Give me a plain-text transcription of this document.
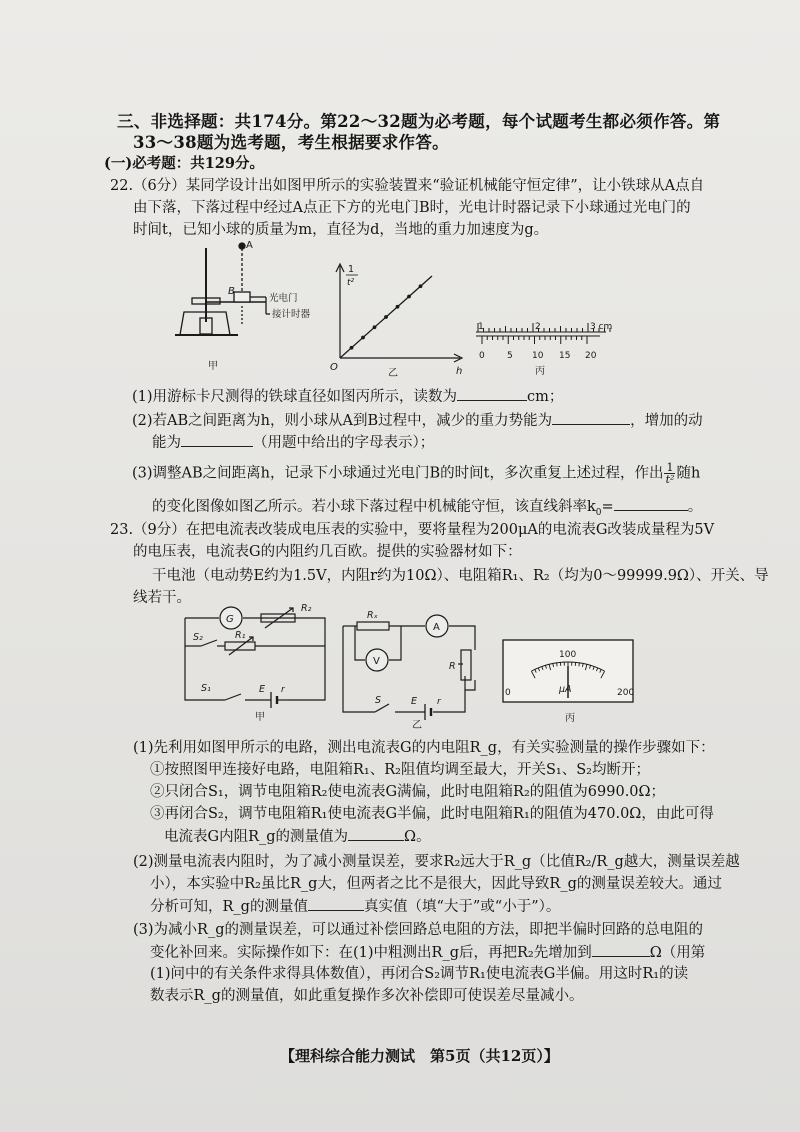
三、非选择题：共174分。第22～32题为必考题，每个试题考生都必须作答。第
33～38题为选考题，考生根据要求作答。
(一)必考题：共129分。
22.（6分）某同学设计出如图甲所示的实验装置来“验证机械能守恒定律”，让小铁球从A点自
由下落，下落过程中经过A点正下方的光电门B时，光电计时器记录下小球通过光电门的
时间t，已知小球的质量为m，直径为d，当地的重力加速度为g。
A
B
光电门
接计时器
甲
1
t²
O	h
乙
1	2	3 cm
0 5 10 15 20
丙
(1)用游标卡尺测得的铁球直径如图丙所示，读数为	cm；
(2)若AB之间距离为h，则小球从A到B过程中，减少的重力势能为	，增加的动
能为	（用题中给出的字母表示）；
(3)调整AB之间距离h，记录下小球通过光电门B的时间t，多次重复上述过程，作出 $\frac{1}{\text{t²}}$ 随h
的变化图像如图乙所示。若小球下落过程中机械能守恒，该直线斜率$k_0=$	。
23.（9分）在把电流表改装成电压表的实验中，要将量程为200μA的电流表G改装成量程为5V
的电压表，电流表G的内阻约几百欧。提供的实验器材如下：
干电池（电动势E约为1.5V，内阻r约为10Ω）、电阻箱R₁、R₂（均为0～99999.9Ω）、开关、导
线若干。
G
R₂
R₁
S₂
S₁	E r
甲
Rₓ
A
V	R
S	E r
乙
0
100
200
μA
丙
(1)先利用如图甲所示的电路，测出电流表G的内电阻R_g，有关实验测量的操作步骤如下：
①按照图甲连接好电路，电阻箱R₁、R₂阻值均调至最大，开关S₁、S₂均断开；
②只闭合S₁，调节电阻箱R₂使电流表G满偏，此时电阻箱R₂的阻值为6990.0Ω；
③再闭合S₂，调节电阻箱R₁使电流表G半偏，此时电阻箱R₁的阻值为470.0Ω，由此可得
电流表G内阻R_g的测量值为	Ω。
(2)测量电流表内阻时，为了减小测量误差，要求R₂远大于R_g（比值R₂/R_g越大，测量误差越
小），本实验中R₂虽比R_g大，但两者之比不是很大，因此导致R_g的测量误差较大。通过
分析可知，R_g的测量值	真实值（填“大于”或“小于”）。
(3)为减小R_g的测量误差，可以通过补偿回路总电阻的方法，即把半偏时回路的总电阻的
变化补回来。实际操作如下：在(1)中粗测出R_g后，再把R₂先增加到	Ω（用第
(1)问中的有关条件求得具体数值），再闭合S₂调节R₁使电流表G半偏。用这时R₁的读
数表示R_g的测量值，如此重复操作多次补偿即可使误差尽量减小。
【理科综合能力测试　第5页（共12页）】
